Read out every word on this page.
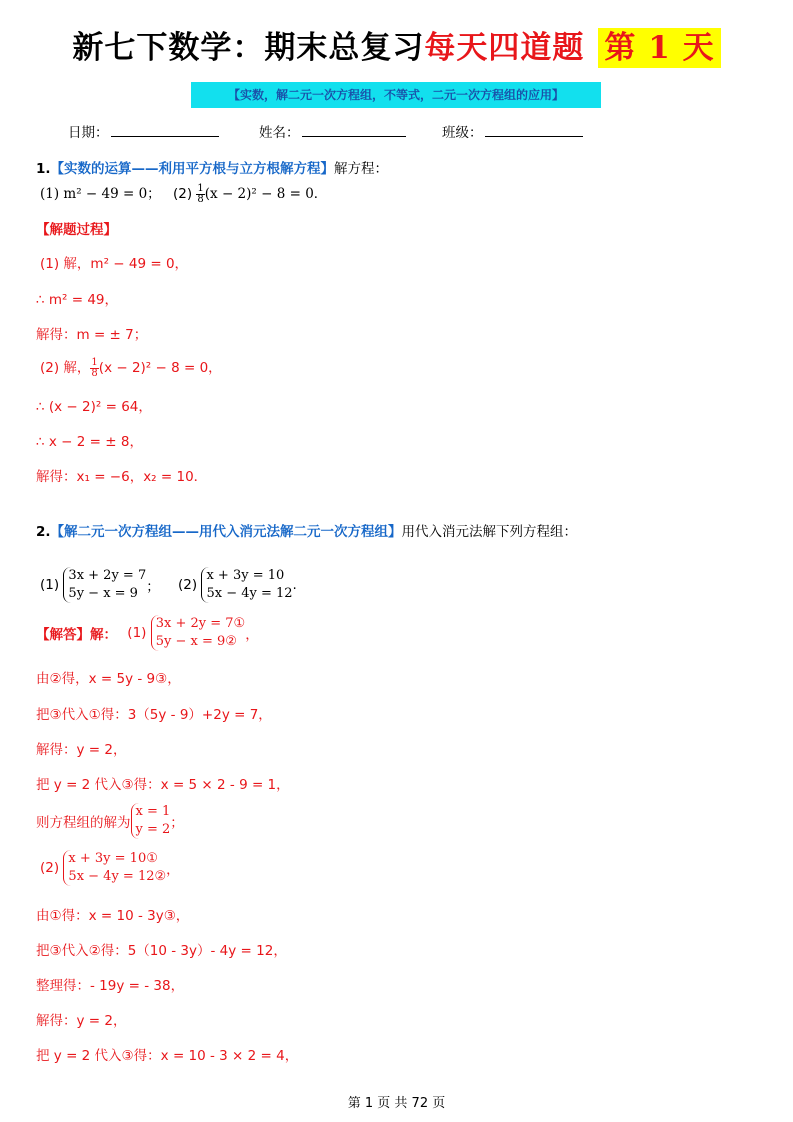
新七下数学：期末总复习每天四道题 第 1 天
【实数，解二元一次方程组，不等式，二元一次方程组的应用】
日期：	姓名：	班级：
1.【实数的运算——利用平方根与立方根解方程】解方程：
(1) m² − 49 = 0； $(2) \frac{1}{8} (x - 2)^2 - 8 = 0$．
【解题过程】
(1) 解，m² − 49 = 0，
∴ m² = 49，
解得：m = ± 7；
(2) 解， $\frac{1}{8} (x - 2)^2 - 8 = 0$，
∴ (x − 2)² = 64，
∴ x − 2 = ± 8，
解得：x₁ = −6，x₂ = 10．
2.【解二元一次方程组——用代入消元法解二元一次方程组】用代入消元法解下列方程组：
(1)
3x + 2y = 7
5y − x = 9 ； (2)
x + 3y = 10
5x − 4y = 12
.
【解答】解： (1)
3x + 2y = 7①
5y − x = 9② ，
由②得，x = 5y - 9③，
把③代入①得：3（5y - 9）+2y = 7，
解得：y = 2，
把 y = 2 代入③得：x = 5 × 2 - 9 = 1，
则方程组的解为
x = 1
y = 2 ；
(2)
x + 3y = 10①
5x − 4y = 12② ，
由①得：x = 10 - 3y③，
把③代入②得：5（10 - 3y）- 4y = 12，
整理得：- 19y = - 38，
解得：y = 2，
把 y = 2 代入③得：x = 10 - 3 × 2 = 4，
第 1 页 共 72 页
